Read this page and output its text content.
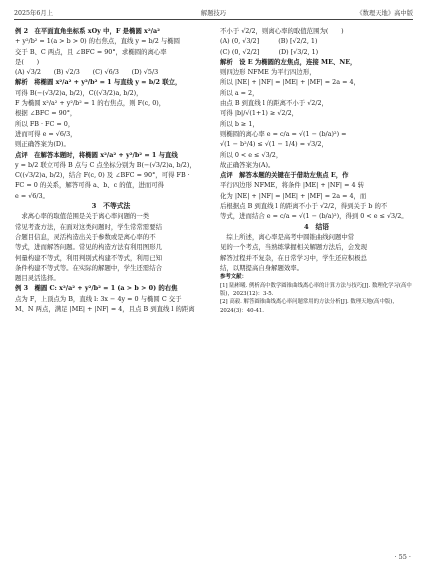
2025年6月上	解题技巧	《数理天地》高中版

例 2　在平面直角坐标系 xOy 中，F 是椭圆 x²/a²

+ y²/b² = 1(a > b > 0) 的右焦点，直线 y = b/2 与椭圆

交于 B、C 两点，且 ∠BFC = 90°，求椭圆的离心率

是(　　)

(A) √3/2　　(B) √2/3　　(C) √6/3　　(D) √5/3

解析　将椭圆 x²/a² + y²/b² = 1 与直线 y = b/2 联立，

可得 B(−(√3/2)a, b/2)，C((√3/2)a, b/2)，

F 为椭圆 x²/a² + y²/b² = 1 的右焦点，则 F(c, 0)，

根据 ∠BFC = 90°，

所以 FB · FC = 0，

进而可得 e = √6/3，

则正确答案为(D)。

点评　在解答本题时，将椭圆 x²/a² + y²/b² = 1 与直线

y = b/2 联立可得 B 点与 C 点坐标分别为 B(−(√3/2)a, b/2)，

C((√3/2)a, b/2)，结合 F(c, 0) 及 ∠BFC = 90°，可得 FB ·

FC = 0 的关系，解答可得 a、b、c 的值，进而可得

e = √6/3。

3　不等式法

　求离心率的取值范围是关于离心率问题的一类

常见考查方法，在面对这类问题时，学生常常需要结

合题目信息，灵活构造出关于参数或是离心率的不

等式，进而解答问题。常见的构造方法有利用图形几

何量构建不等式，利用判别式构建不等式，利用已知

条件构建不等式等。在实际的解题中，学生还需结合

题目灵活选择。

例 3　椭圆 C: x²/a² + y²/b² = 1 (a > b > 0) 的右焦

点为 F，上顶点为 B，直线 l: 3x − 4y = 0 与椭圆 C 交于

M、N 两点，满足 |ME| + |NF| = 4，且点 B 到直线 l 的距离

不小于 √2/2，则离心率的取值范围为(　　)

(A) (0, √3/2]　　　(B) [√2/2, 1)

(C) (0, √2/2]　　　(D) [√3/2, 1)

解析　设 E 为椭圆的左焦点，连接 ME、NE，

则四边形 NFME 为平行四边形，

所以 |NE| + |NF| = |ME| + |MF| = 2a = 4，

所以 a = 2，

由点 B 到直线 l 的距离不小于 √2/2，

可得 |b|/√(1+1) ≥ √2/2，

所以 b ≥ 1，

则椭圆的离心率 e = c/a = √(1 − (b/a)²) =

√(1 − b²/4) ≤ √(1 − 1/4) = √3/2，

所以 0 < e ≤ √3/2，

故正确答案为(A)。

点评　解答本题的关键在于借助左焦点 E，作

平行四边形 NFME，将条件 |ME| + |NF| = 4 转

化为 |NE| + |NF| = |ME| + |MF| = 2a = 4，而

后根据点 B 到直线 l 的距离不小于 √2/2，得到关于 b 的不

等式，进而结合 e = c/a = √(1 − (b/a)²)，得到 0 < e ≤ √3/2。

4　结语

　综上所述，离心率是高考中圆锥曲线问题中常

见的一个考点，当熟练掌握相关解题方法后，会发现

解答过程并不复杂，在日常学习中，学生还应积极总

结，以期提高自身解题效率。

参考文献：

[1] 陆彬曦. 例析高中数学圆锥曲线离心率的计算方法与技巧[J]. 数理化学习(高中版)，2023(12)：3-5.

[2] 高毅. 解答圆锥曲线离心率问题常用的方法分析[J]. 数理天地(高中版)，2024(3)：40-41.

· 55 ·
